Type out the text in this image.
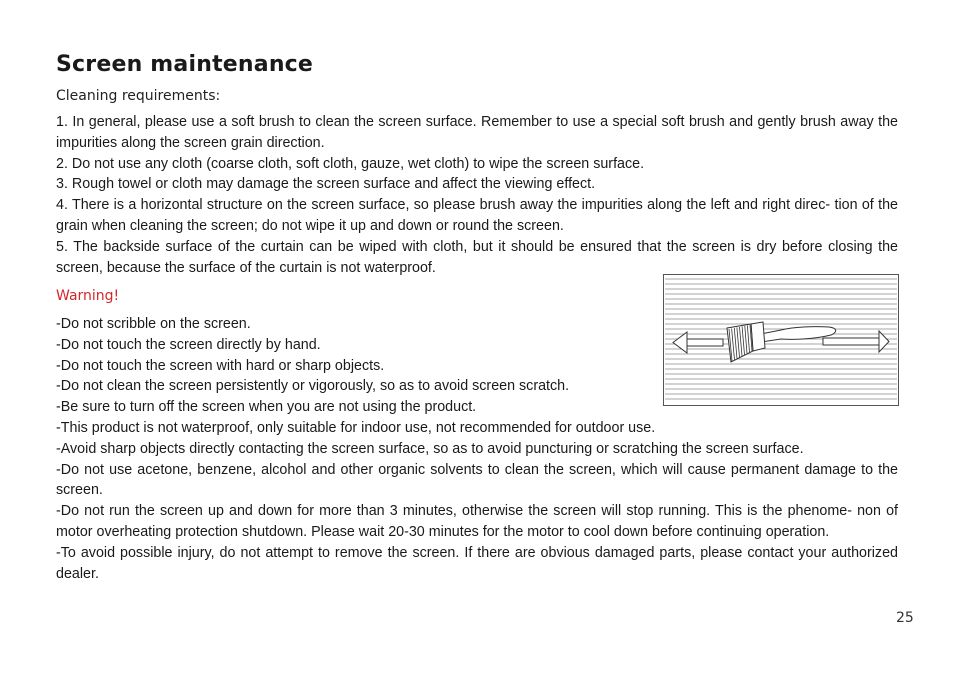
Screen maintenance
Cleaning requirements:

1. In general, please use a soft brush to clean the screen surface. Remember to use a special soft brush and gently brush away the impurities along the screen grain direction.

2. Do not use any cloth (coarse cloth, soft cloth, gauze, wet cloth) to wipe the screen surface.

3. Rough towel or cloth may damage the screen surface and affect the viewing effect.

4. There is a horizontal structure on the screen surface, so please brush away the impurities along the left and right direc- tion of the grain when cleaning the screen; do not wipe it up and down or round the screen.

5. The backside surface of the curtain can be wiped with cloth, but it should be ensured that the screen is dry before closing the screen, because the surface of the curtain is not waterproof.

Warning!

-Do not scribble on the screen.

-Do not touch the screen directly by hand.

-Do not touch the screen with hard or sharp objects.

-Do not clean the screen persistently or vigorously, so as to avoid screen scratch.

-Be sure to turn off the screen when you are not using the product.

-This product is not waterproof, only suitable for indoor use, not recommended for outdoor use.

-Avoid sharp objects directly contacting the screen surface, so as to avoid puncturing or scratching the screen surface.

-Do not use acetone, benzene, alcohol and other organic solvents to clean the screen, which will cause permanent damage to the screen.

-Do not run the screen up and down for more than 3 minutes, otherwise the screen will stop running. This is the phenome- non of motor overheating protection shutdown. Please wait 20-30 minutes for the motor to cool down before continuing operation.

-To avoid possible injury, do not attempt to remove the screen. If there are obvious damaged parts, please contact your authorized dealer.

25
